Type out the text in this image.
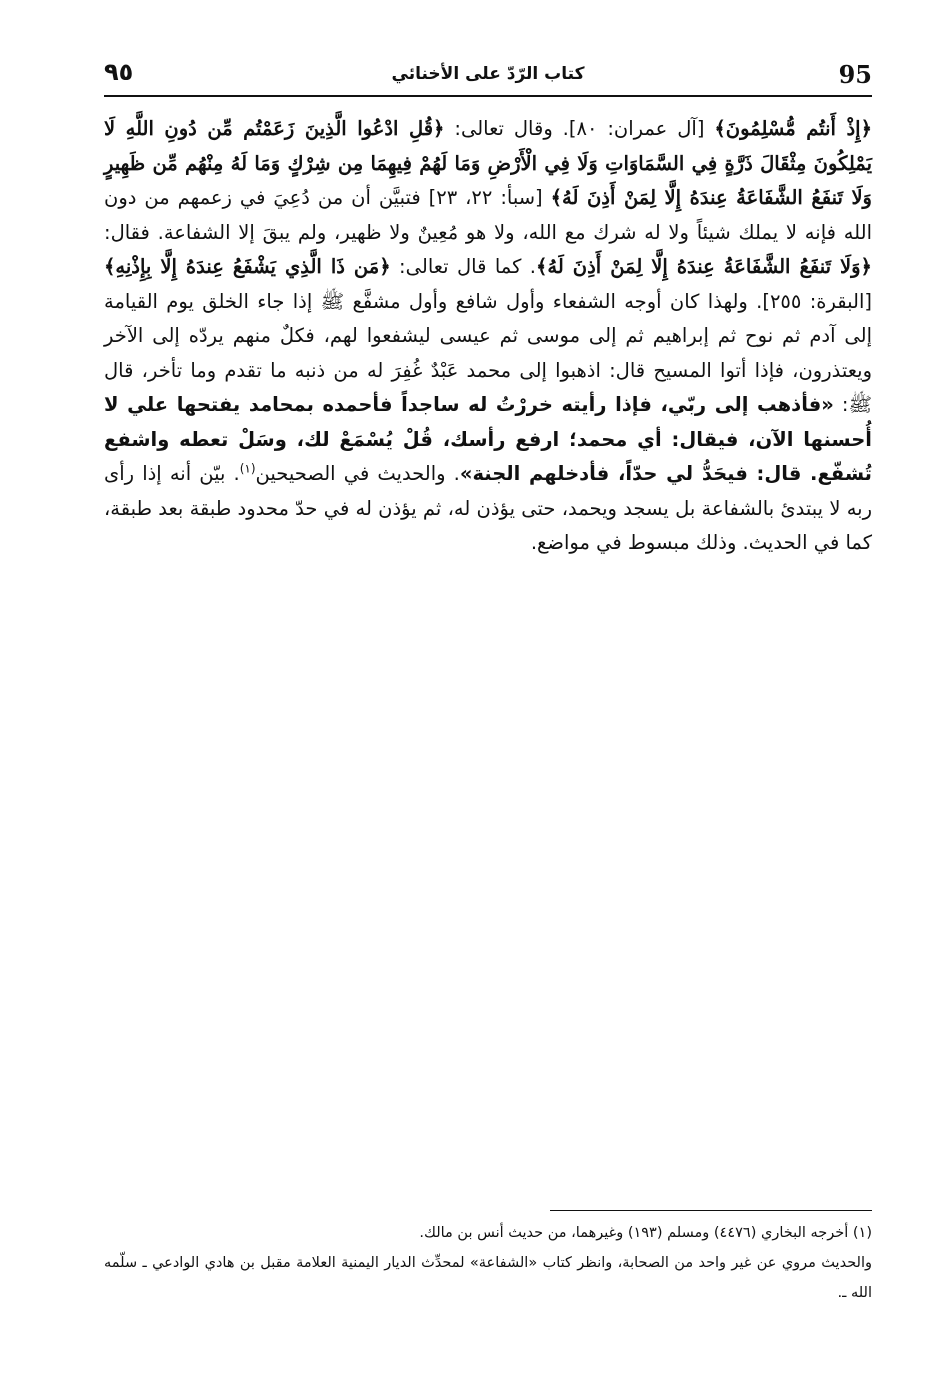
95
كتاب الرّدّ على الأخنائي
٩٥

﴿إِذْ أَنتُم مُّسْلِمُونَ﴾ [آل عمران: ٨٠]. وقال تعالى: ﴿قُلِ ادْعُوا الَّذِينَ زَعَمْتُم مِّن دُونِ اللَّهِ لَا يَمْلِكُونَ مِثْقَالَ ذَرَّةٍ فِي السَّمَاوَاتِ وَلَا فِي الْأَرْضِ وَمَا لَهُمْ فِيهِمَا مِن شِرْكٍ وَمَا لَهُ مِنْهُم مِّن ظَهِيرٍ وَلَا تَنفَعُ الشَّفَاعَةُ عِندَهُ إِلَّا لِمَنْ أَذِنَ لَهُ﴾ [سبأ: ٢٢، ٢٣] فتبيَّن أن من دُعِيَ في زعمهم من دون الله فإنه لا يملك شيئاً ولا له شرك مع الله، ولا هو مُعِينٌ ولا ظهير، ولم يبقَ إلا الشفاعة. فقال: ﴿وَلَا تَنفَعُ الشَّفَاعَةُ عِندَهُ إِلَّا لِمَنْ أَذِنَ لَهُ﴾. كما قال تعالى: ﴿مَن ذَا الَّذِي يَشْفَعُ عِندَهُ إِلَّا بِإِذْنِهِ﴾ [البقرة: ٢٥٥]. ولهذا كان أوجه الشفعاء وأول شافع وأول مشفَّع ﷺ إذا جاء الخلق يوم القيامة إلى آدم ثم نوح ثم إبراهيم ثم إلى موسى ثم عيسى ليشفعوا لهم، فكلٌ منهم يردّه إلى الآخر ويعتذرون، فإذا أتوا المسيح قال: اذهبوا إلى محمد عَبْدٌ غُفِرَ له من ذنبه ما تقدم وما تأخر، قال ﷺ: «فأذهب إلى ربّي، فإذا رأيته خررْتُ له ساجداً فأحمده بمحامد يفتحها علي لا أُحسنها الآن، فيقال: أي محمد؛ ارفع رأسك، قُلْ يُسْمَعْ لك، وسَلْ تعطه واشفع تُشفّع. قال: فيحَدُّ لي حدّاً، فأدخلهم الجنة». والحديث في الصحيحين$^{(١)}$. بيّن أنه إذا رأى ربه لا يبتدئ بالشفاعة بل يسجد ويحمد، حتى يؤذن له، ثم يؤذن له في حدّ محدود طبقة بعد طبقة، كما في الحديث. وذلك مبسوط في مواضع.

(١) أخرجه البخاري (٤٤٧٦) ومسلم (١٩٣) وغيرهما، من حديث أنس بن مالك.

والحديث مروي عن غير واحد من الصحابة، وانظر كتاب «الشفاعة» لمحدِّث الديار اليمنية العلامة مقبل بن هادي الوادعي ـ سلّمه الله ـ.
